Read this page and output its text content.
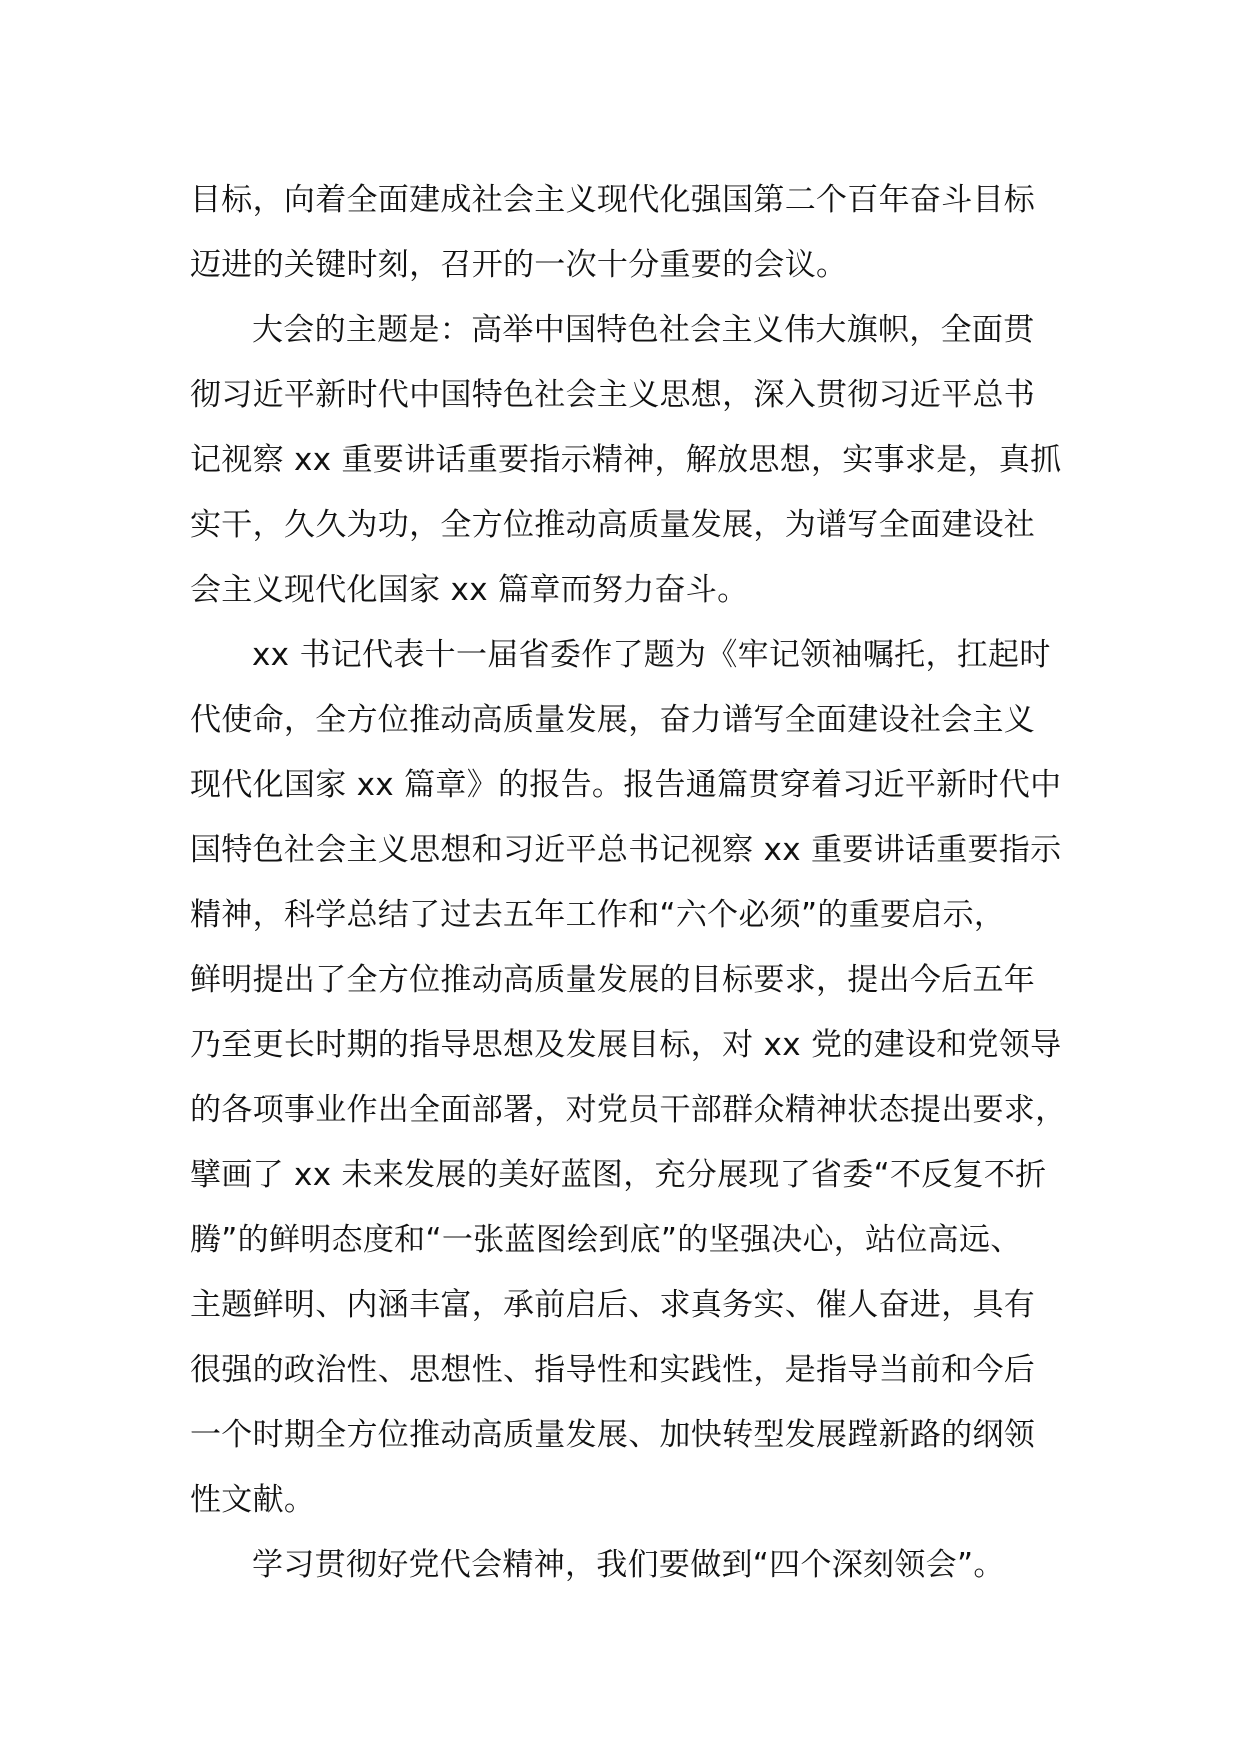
目标，向着全面建成社会主义现代化强国第二个百年奋斗目标
迈进的关键时刻，召开的一次十分重要的会议。
大会的主题是：高举中国特色社会主义伟大旗帜，全面贯
彻习近平新时代中国特色社会主义思想，深入贯彻习近平总书
记视察 xx 重要讲话重要指示精神，解放思想，实事求是，真抓
实干，久久为功，全方位推动高质量发展，为谱写全面建设社
会主义现代化国家 xx 篇章而努力奋斗。
xx 书记代表十一届省委作了题为《牢记领袖嘱托，扛起时
代使命，全方位推动高质量发展，奋力谱写全面建设社会主义
现代化国家 xx 篇章》的报告。报告通篇贯穿着习近平新时代中
国特色社会主义思想和习近平总书记视察 xx 重要讲话重要指示
精神，科学总结了过去五年工作和“六个必须”的重要启示，
鲜明提出了全方位推动高质量发展的目标要求，提出今后五年
乃至更长时期的指导思想及发展目标，对 xx 党的建设和党领导
的各项事业作出全面部署，对党员干部群众精神状态提出要求，
擘画了 xx 未来发展的美好蓝图，充分展现了省委“不反复不折
腾”的鲜明态度和“一张蓝图绘到底”的坚强决心，站位高远、
主题鲜明、内涵丰富，承前启后、求真务实、催人奋进，具有
很强的政治性、思想性、指导性和实践性，是指导当前和今后
一个时期全方位推动高质量发展、加快转型发展蹚新路的纲领
性文献。
学习贯彻好党代会精神，我们要做到“四个深刻领会”。
